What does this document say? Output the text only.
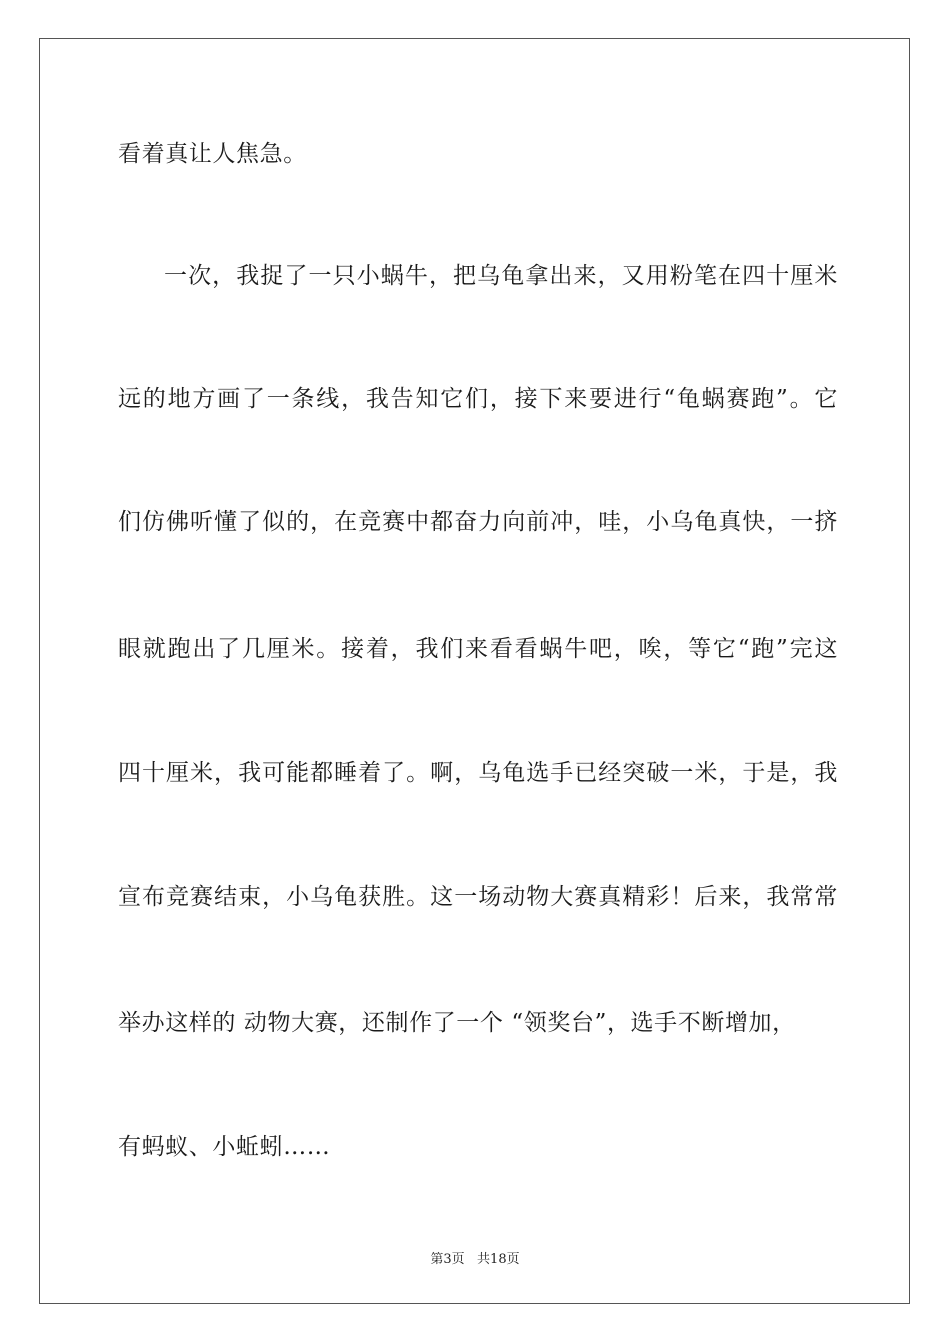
看着真让人焦急。
一次，我捉了一只小蜗牛，把乌龟拿出来，又用粉笔在四十厘米
远的地方画了一条线，我告知它们，接下来要进行“龟蜗赛跑”。它
们仿佛听懂了似的，在竞赛中都奋力向前冲，哇，小乌龟真快，一挤
眼就跑出了几厘米。接着，我们来看看蜗牛吧，唉，等它“跑”完这
四十厘米，我可能都睡着了。啊，乌龟选手已经突破一米，于是，我
宣布竞赛结束，小乌龟获胜。这一场动物大赛真精彩！后来，我常常
举办这样的 动物大赛，还制作了一个 “领奖台”，选手不断增加，
有蚂蚁、小蚯蚓……
第3页   共18页
